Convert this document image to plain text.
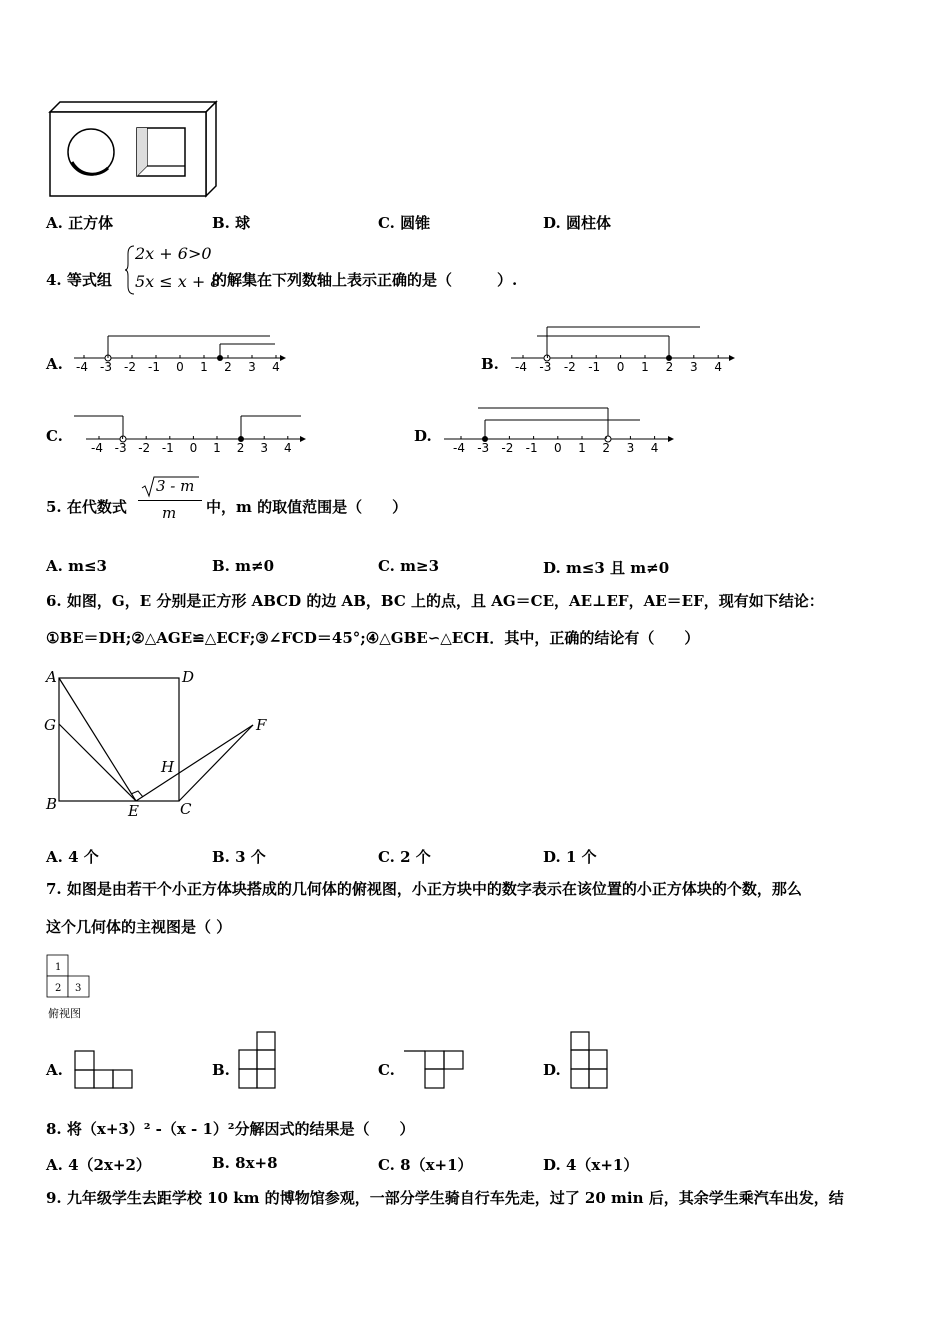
A. 正方体	B. 球	C. 圆锥	D. 圆柱体
4. 等式组
2x + 6>0
5x ≤ x + 8
的解集在下列数轴上表示正确的是（　　　）.
A.	B.
C.	D.
-4	-3	-2	-1	0	1	2	3	4	-4	-3	-2	-1	0	1	2	3	4
-4 -3 -2 -1	0	1	2	3	4	-4	-3	-2	-1	0	1	2	3	4
5. 在代数式
3 - m
m 中，m 的取值范围是（　　）
A. m≤3	B. m≠0	C. m≥3	D. m≤3 且 m≠0
6. 如图，G，E 分别是正方形 ABCD 的边 AB，BC 上的点，且 AG＝CE，AE⊥EF，AE＝EF，现有如下结论：
①BE＝DH;②△AGE≌△ECF;③∠FCD＝45°;④△GBE∽△ECH．其中，正确的结论有（　　）
A	D
G	F
H
B	E	C
A. 4 个	B. 3 个	C. 2 个	D. 1 个
7. 如图是由若干个小正方体块搭成的几何体的俯视图，小正方块中的数字表示在该位置的小正方体块的个数，那么
这个几何体的主视图是（ ）
1
2 3
俯视图
A.	B.	C.	D.
8. 将（x+3）² -（x - 1）²分解因式的结果是（　　）
A. 4（2x+2）	B. 8x+8	C. 8（x+1）	D. 4（x+1）
9. 九年级学生去距学校 10 km 的博物馆参观，一部分学生骑自行车先走，过了 20 min 后，其余学生乘汽车出发，结
